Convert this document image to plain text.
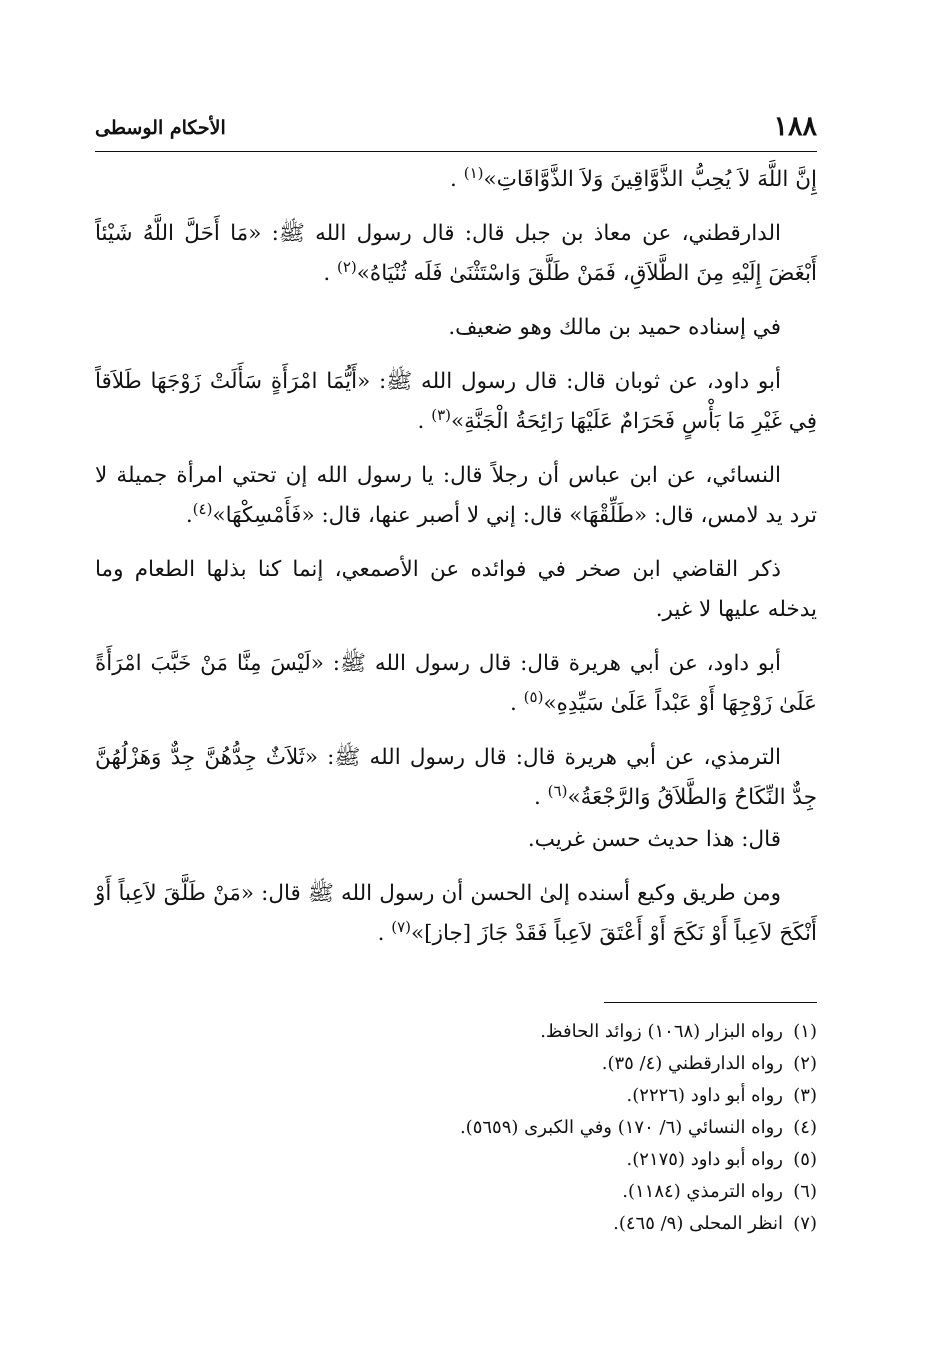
١٨٨
الأحكام الوسطى

إِنَّ اللَّهَ لاَ يُحِبُّ الذَّوَّاقِينَ وَلاَ الذَّوَّاقَاتِ»$^{(١)}$ .

الدارقطني، عن معاذ بن جبل قال: قال رسول الله ﷺ: «مَا أَحَلَّ اللَّهُ شَيْئاً أَبْغَضَ إِلَيْهِ مِنَ الطَّلاَقِ، فَمَنْ طَلَّقَ وَاسْتَثْنَىٰ فَلَه ثُنْيَاهُ»$^{(٢)}$ .

في إسناده حميد بن مالك وهو ضعيف.

أبو داود، عن ثوبان قال: قال رسول الله ﷺ: «أَيُّمَا امْرَأَةٍ سَأَلَتْ زَوْجَهَا طَلاَقاً فِي غَيْرِ مَا بَأْسٍ فَحَرَامٌ عَلَيْهَا رَائِحَةُ الْجَنَّةِ»$^{(٣)}$ .

النسائي، عن ابن عباس أن رجلاً قال: يا رسول الله إن تحتي امرأة جميلة لا ترد يد لامس، قال: «طَلِّقْهَا» قال: إني لا أصبر عنها، قال: «فَأَمْسِكْهَا»$^{(٤)}$.

ذكر القاضي ابن صخر في فوائده عن الأصمعي، إنما كنا بذلها الطعام وما يدخله عليها لا غير.

أبو داود، عن أبي هريرة قال: قال رسول الله ﷺ: «لَيْسَ مِنَّا مَنْ خَبَّبَ امْرَأَةً عَلَىٰ زَوْجِهَا أَوْ عَبْداً عَلَىٰ سَيِّدِهِ»$^{(٥)}$ .

الترمذي، عن أبي هريرة قال: قال رسول الله ﷺ: «ثَلاَثٌ جِدُّهُنَّ جِدٌّ وَهَزْلُهُنَّ جِدٌّ النِّكَاحُ وَالطَّلاَقُ وَالرَّجْعَةُ»$^{(٦)}$ .

قال: هذا حديث حسن غريب.

ومن طريق وكيع أسنده إلىٰ الحسن أن رسول الله ﷺ قال: «مَنْ طَلَّقَ لاَعِباً أَوْ أَنْكَحَ لاَعِباً أَوْ نَكَحَ أَوْ أَعْتَقَ لاَعِباً فَقَدْ جَازَ [جاز]»$^{(٧)}$ .

(١)
رواه البزار (١٠٦٨) زوائد الحافظ.
(٢)
رواه الدارقطني (٤/ ٣٥).
(٣)
رواه أبو داود (٢٢٢٦).
(٤)
رواه النسائي (٦/ ١٧٠) وفي الكبرى (٥٦٥٩).
(٥)
رواه أبو داود (٢١٧٥).
(٦)
رواه الترمذي (١١٨٤).
(٧)
انظر المحلى (٩/ ٤٦٥).
